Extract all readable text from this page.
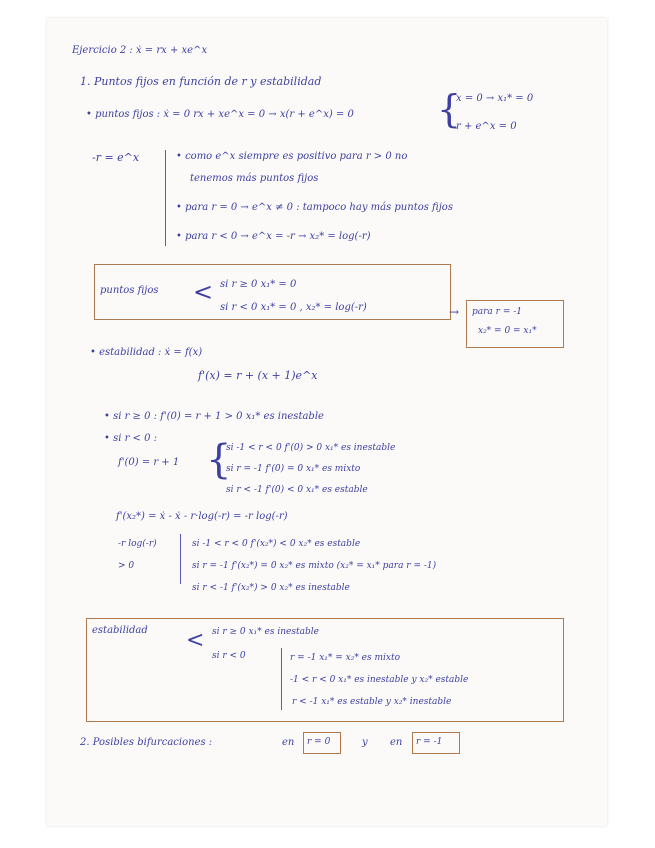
Ejercicio 2 : ẋ = rx + xe^x
1. Puntos fijos en función de r y estabilidad
• puntos fijos : ẋ = 0 rx + xe^x = 0 → x(r + e^x) = 0 {
x = 0 → x₁* = 0
r + e^x = 0
-r = e^x	• como e^x siempre es positivo para r > 0 no
tenemos más puntos fijos
• para r = 0 → e^x ≠ 0 : tampoco hay más puntos fijos
• para r < 0 → e^x = -r → x₂* = log(-r)
puntos fijos < si r ≥ 0 x₁* = 0
si r < 0 x₁* = 0 , x₂* = log(-r)	→ para r = -1
x₂* = 0 = x₁*
• estabilidad : ẋ = f(x)
f'(x) = r + (x + 1)e^x
• si r ≥ 0 : f'(0) = r + 1 > 0 x₁* es inestable
• si r < 0 :
f'(0) = r + 1 {
si -1 < r < 0 f'(0) > 0 x₁* es inestable
si r = -1 f'(0) = 0 x₁* es mixto
si r < -1 f'(0) < 0 x₁* es estable
f'(x₂*) = ẋ - ẋ - r·log(-r) = -r log(-r)
-r log(-r)
> 0
si -1 < r < 0 f'(x₂*) < 0 x₂* es estable
si r = -1 f'(x₂*) = 0 x₂* es mixto (x₂* = x₁* para r = -1)
si r < -1 f'(x₂*) > 0 x₂* es inestable
estabilidad < si r ≥ 0 x₁* es inestable
si r < 0	r = -1 x₁* = x₂* es mixto
-1 < r < 0 x₁* es inestable y x₂* estable
r < -1 x₁* es estable y x₂* inestable
2. Posibles bifurcaciones :	en r = 0	y en r = -1
